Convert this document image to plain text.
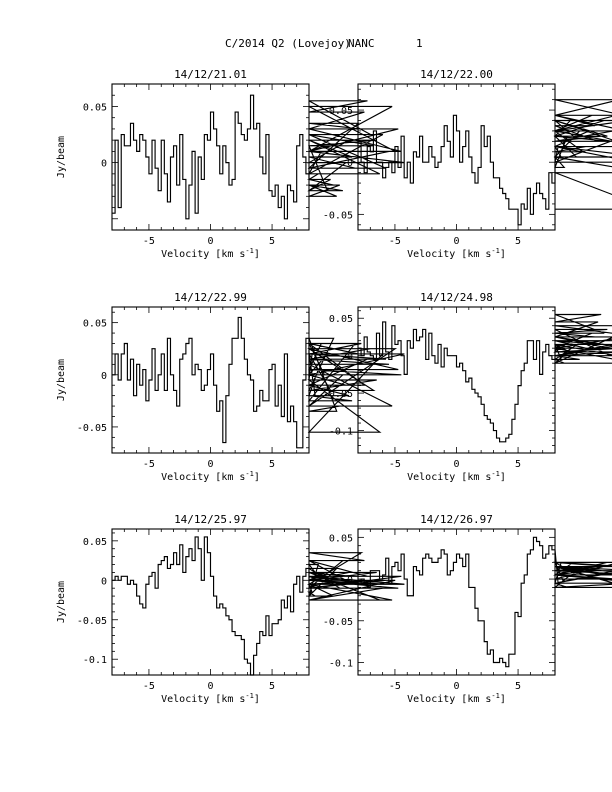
C/2014 Q2 (Lovejoy)
NANC	1
14/12/21.01
-5	0	5
0
0.05
Velocity [km $s^{-1}$]
Jy/beam
14/12/22.00
-5	0	5
-0.05
0
0.05
Velocity [km $s^{-1}$]
14/12/22.99
-5	0	5
-0.05
0
0.05
Velocity [km $s^{-1}$]
Jy/beam
14/12/24.98
-5	0	5
-0.1
-0.05
0
0.05
Velocity [km $s^{-1}$]
14/12/25.97
-5	0	5
-0.1
-0.05
0
0.05
Velocity [km $s^{-1}$]
Jy/beam
14/12/26.97
-5	0	5
-0.1
-0.05
0
0.05
Velocity [km $s^{-1}$]
